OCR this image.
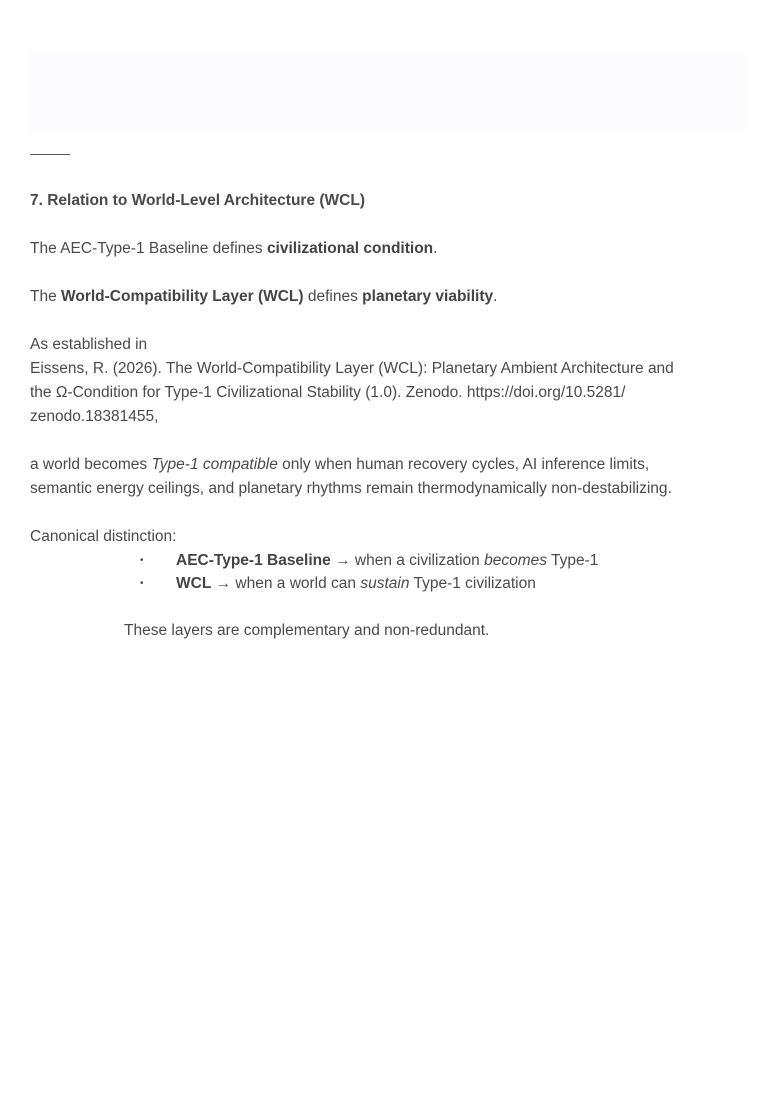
7. Relation to World-Level Architecture (WCL)

The AEC-Type-1 Baseline defines civilizational condition.

The World-Compatibility Layer (WCL) defines planetary viability.

As established in

Eissens, R. (2026). The World-Compatibility Layer (WCL): Planetary Ambient Architecture and

the Ω-Condition for Type-1 Civilizational Stability (1.0). Zenodo. https://doi.org/10.5281/

zenodo.18381455,

a world becomes Type-1 compatible only when human recovery cycles, AI inference limits,

semantic energy ceilings, and planetary rhythms remain thermodynamically non-destabilizing.

Canonical distinction:

• AEC-Type-1 Baseline → when a civilization becomes Type-1
• WCL → when a world can sustain Type-1 civilization

These layers are complementary and non-redundant.
